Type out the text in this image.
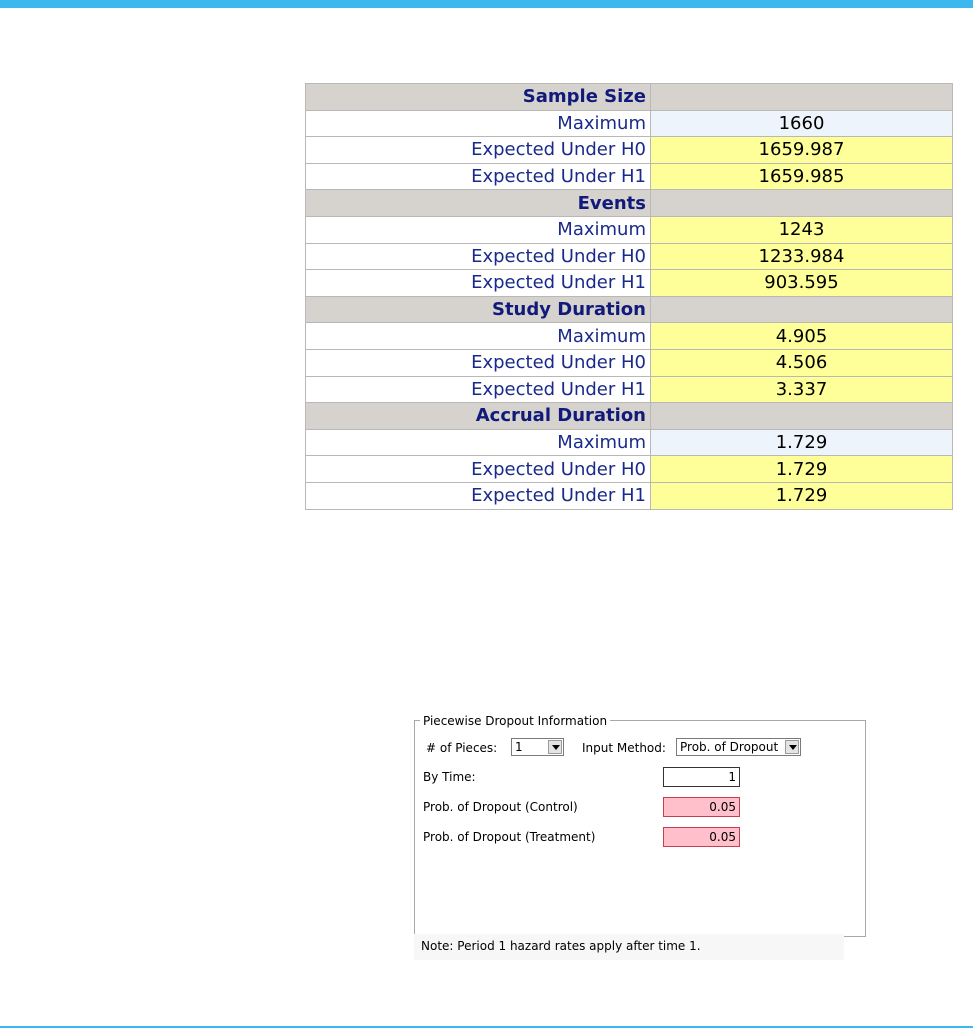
Sample Size	
Maximum	1660
Expected Under H0	1659.987
Expected Under H1	1659.985
Events	
Maximum	1243
Expected Under H0	1233.984
Expected Under H1	903.595
Study Duration	
Maximum	4.905
Expected Under H0	4.506
Expected Under H1	3.337
Accrual Duration	
Maximum	1.729
Expected Under H0	1.729
Expected Under H1	1.729
Piecewise Dropout Information
# of Pieces: 1	Input Method: Prob. of Dropout
By Time:	1
Prob. of Dropout (Control)	0.05
Prob. of Dropout (Treatment)	0.05
Note: Period 1 hazard rates apply after time 1.
